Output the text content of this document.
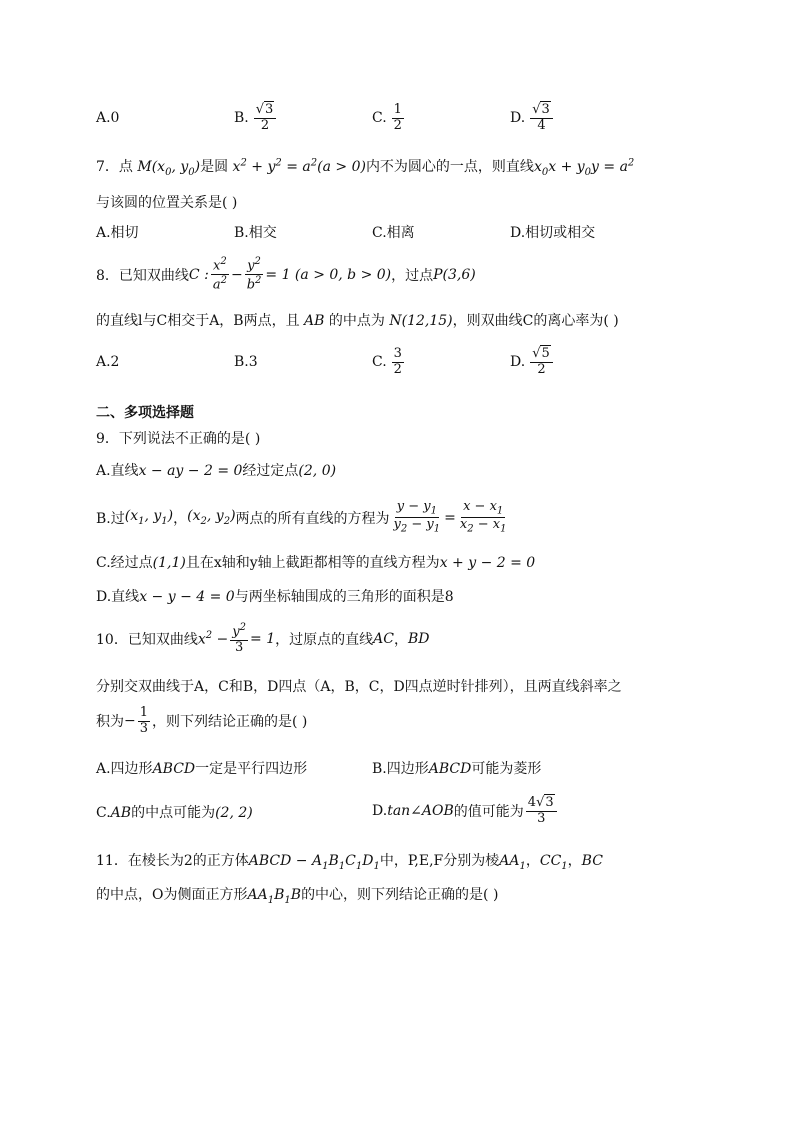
A.0	B. $\frac{√3}{2}$	C. $\frac{1}{2}$	D. $\frac{√3}{4}$
7．点 $M(x_0$, $y_0$)是圆 $x^2 + y^2 = a^2(a > 0)$内不为圆心的一点，则直线$x_0x + y_0y = a^2$
与该圆的位置关系是( )
A.相切	B.相交	C.相离	D.相切或相交
8．已知双曲线 C : $\frac{x^2}{a^2} - \frac{y^2}{b^2} = 1$ (a > 0, b > 0) ，过点 P(3,6)
的直线l与C相交于A，B两点，且 AB 的中点为 N(12,15)，则双曲线C的离心率为( )
A.2	B.3	C. $\frac{3}{2}$	D. $\frac{√5}{2}$
二、多项选择题
9．下列说法不正确的是( )
A.直线x − ay − 2 = 0经过定点(2, 0)
B.过 ($x_1$, $y_1$) ， ($x_2$, $y_2$) 两点的所有直线的方程为 $\frac{y - y_1}{y_2 - y_1} = \frac{x - x_1}{x_2 - x_1}$
C.经过点(1,1)且在x轴和y轴上截距都相等的直线方程为x + y − 2 = 0
D.直线x − y − 4 = 0与两坐标轴围成的三角形的面积是8
10．已知双曲线 $x^2 - \frac{y^2}{3} = 1$ ，过原点的直线 AC ， BD
分别交双曲线于A，C和B，D四点（A，B，C，D四点逆时针排列），且两直线斜率之
积为 − $\frac{1}{3}$ ，则下列结论正确的是( )
A.四边形ABCD一定是平行四边形	B.四边形ABCD可能为菱形
C.AB的中点可能为(2, 2)	D. tan∠AOB 的值可能为 $\frac{4√3}{3}$
11．在棱长为2的正方体ABCD − $A_1B_1C_1D_1$中，P,E,F分别为棱$AA_1$，$CC_1$，BC
的中点，O为侧面正方形$AA_1B_1B$的中心，则下列结论正确的是( )
